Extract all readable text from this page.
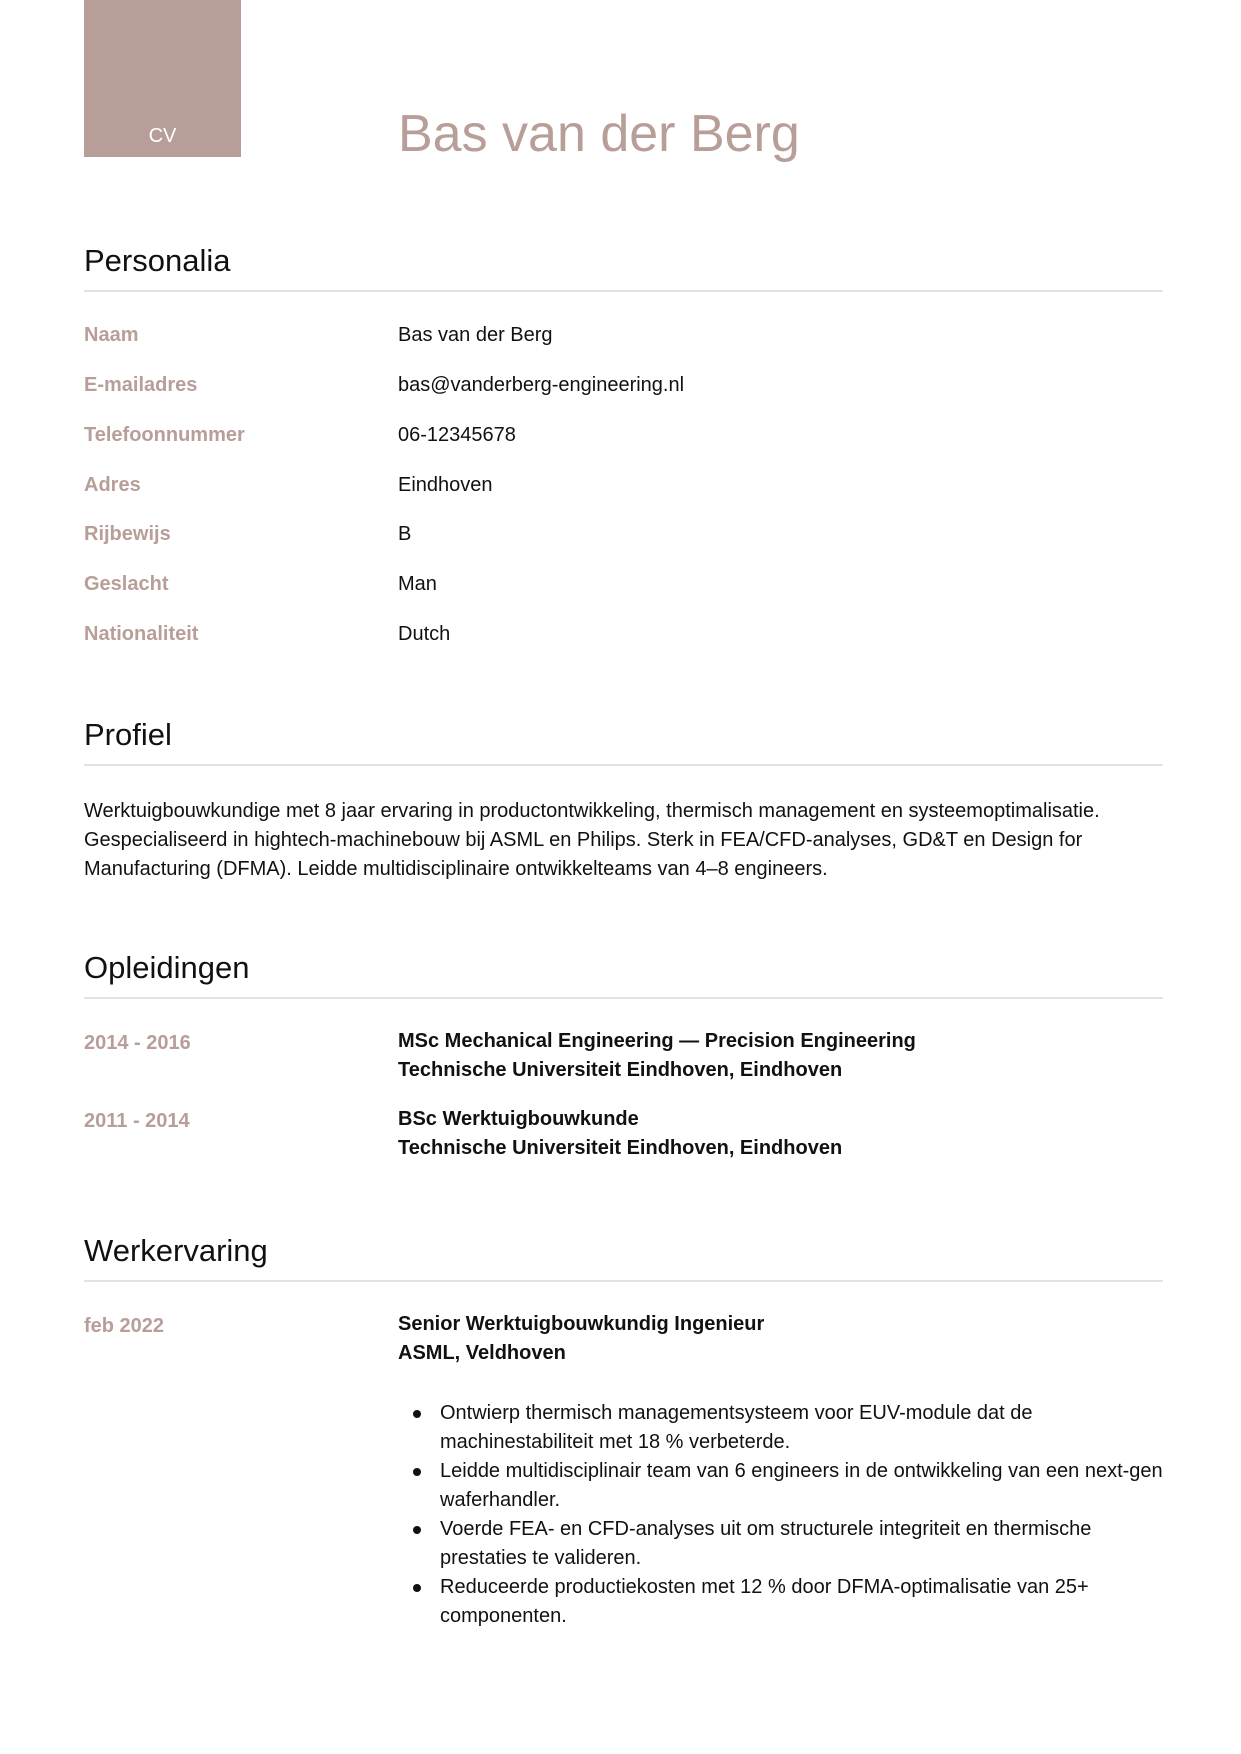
CV	Bas van der Berg
Personalia
Naam	Bas van der Berg
E-mailadres	bas@vanderberg-engineering.nl
Telefoonnummer	06-12345678
Adres	Eindhoven
Rijbewijs	B
Geslacht	Man
Nationaliteit	Dutch
Profiel
Werktuigbouwkundige met 8 jaar ervaring in productontwikkeling, thermisch management en systeemoptimalisatie. Gespecialiseerd in hightech-machinebouw bij ASML en Philips. Sterk in FEA/CFD-analyses, GD&T en Design for Manufacturing (DFMA). Leidde multidisciplinaire ontwikkelteams van 4–8 engineers.
Opleidingen
2014 - 2016	MSc Mechanical Engineering — Precision Engineering
Technische Universiteit Eindhoven, Eindhoven
2011 - 2014	BSc Werktuigbouwkunde
Technische Universiteit Eindhoven, Eindhoven
Werkervaring
feb 2022	Senior Werktuigbouwkundig Ingenieur
ASML, Veldhoven
Ontwierp thermisch managementsysteem voor EUV-module dat de machinestabiliteit met 18 % verbeterde.
Leidde multidisciplinair team van 6 engineers in de ontwikkeling van een next-gen waferhandler.
Voerde FEA- en CFD-analyses uit om structurele integriteit en thermische prestaties te valideren.
Reduceerde productiekosten met 12 % door DFMA-optimalisatie van 25+ componenten.
